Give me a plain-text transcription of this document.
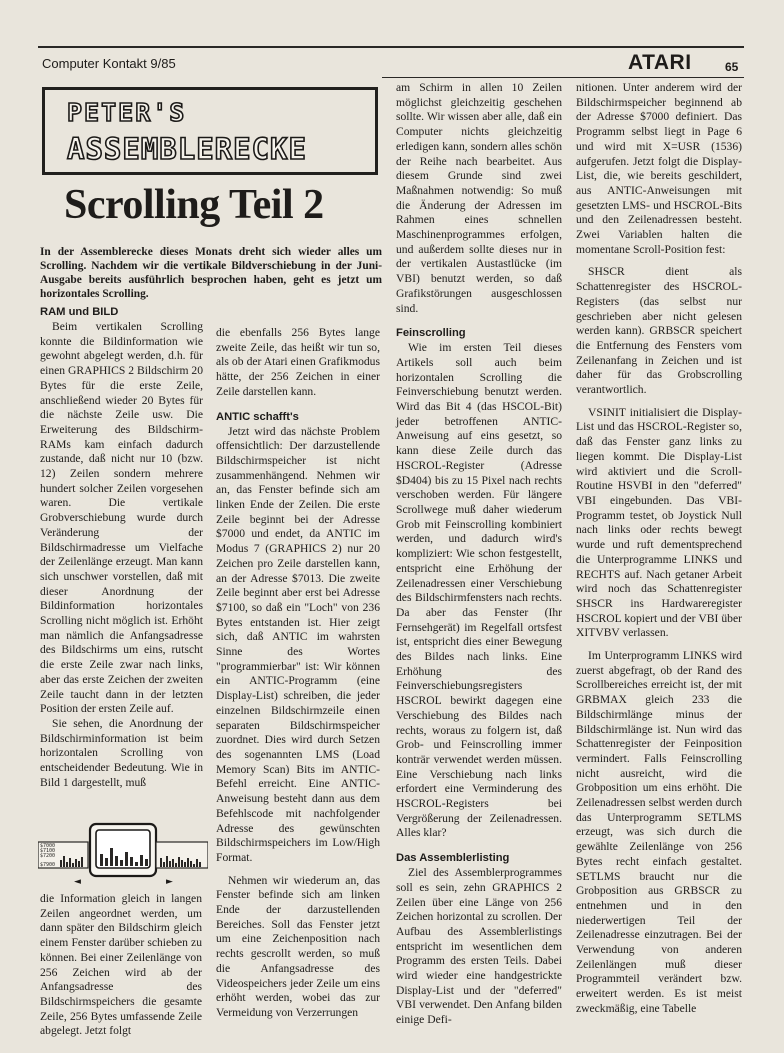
Computer Kontakt 9/85	ATARI	65
PETER'S
ASSEMBLERECKE
Scrolling Teil 2
In der Assemblerecke dieses Monats dreht sich wieder alles um Scrolling. Nachdem wir die vertikale Bildverschiebung in der Juni-Ausgabe bereits ausführlich besprochen haben, geht es jetzt um horizontales Scrolling.
RAM und BILD

Beim vertikalen Scrolling konnte die Bildinformation wie gewohnt abgelegt werden, d.h. für einen GRAPHICS 2 Bildschirm 20 Bytes für die erste Zeile, anschließend wieder 20 Bytes für die nächste Zeile usw. Die Erweiterung des Bildschirm-RAMs kam einfach dadurch zustande, daß nicht nur 10 (bzw. 12) Zeilen sondern mehrere hundert solcher Zeilen vorgesehen waren. Die vertikale Grobverschiebung wurde durch Veränderung der Bildschirmadresse um Vielfache der Zeilenlänge erzeugt. Man kann sich unschwer vorstellen, daß mit dieser Anordnung der Bildinformation horizontales Scrolling nicht möglich ist. Erhöht man nämlich die Anfangsadresse des Bildschirms um eins, rutscht die erste Zeile zwar nach links, aber das erste Zeichen der zweiten Zeile taucht dann in der letzten Position der ersten Zeile auf.

Sie sehen, die Anordnung der Bildschirminformation ist beim horizontalen Scrolling von entscheidender Bedeutung. Wie in Bild 1 dargestellt, muß

die Information gleich in langen Zeilen angeordnet werden, um dann später den Bildschirm gleich einem Fenster darüber schieben zu können. Bei einer Zeilenlänge von 256 Zeichen wird ab der Anfangsadresse des Bildschirmspeichers die gesamte Zeile, 256 Bytes umfassende Zeile abgelegt. Jetzt folgt

die ebenfalls 256 Bytes lange zweite Zeile, das heißt wir tun so, als ob der Atari einen Grafikmodus hätte, der 256 Zeichen in einer Zeile darstellen kann.

ANTIC schafft's

Jetzt wird das nächste Problem offensichtlich: Der darzustellende Bildschirmspeicher ist nicht zusammenhängend. Nehmen wir an, das Fenster befinde sich am linken Ende der Zeilen. Die erste Zeile beginnt bei der Adresse $7000 und endet, da ANTIC im Modus 7 (GRAPHICS 2) nur 20 Zeichen pro Zeile darstellen kann, an der Adresse $7013. Die zweite Zeile beginnt aber erst bei Adresse $7100, so daß ein "Loch" von 236 Bytes entstanden ist. Hier zeigt sich, daß ANTIC im wahrsten Sinne des Wortes "programmierbar" ist: Wir können ein ANTIC-Programm (eine Display-List) schreiben, die jeder einzelnen Bildschirmzeile einen separaten Bildschirmspeicher zuordnet. Dies wird durch Setzen des sogenannten LMS (Load Memory Scan) Bits im ANTIC-Befehl erreicht. Eine ANTIC-Anweisung besteht dann aus dem Befehlscode mit nachfolgender Adresse des gewünschten Bildschirmspeichers im Low/High Format.

Nehmen wir wiederum an, das Fenster befinde sich am linken Ende der darzustellenden Bereiches. Soll das Fenster jetzt um eine Zeichenposition nach rechts gescrollt werden, so muß die Anfangsadresse des Videospeichers jeder Zeile um eins erhöht werden, wobei das zur Vermeidung von Verzerrungen

am Schirm in allen 10 Zeilen möglichst gleichzeitig geschehen sollte. Wir wissen aber alle, daß ein Computer nichts gleichzeitig erledigen kann, sondern alles schön der Reihe nach bearbeitet. Aus diesem Grunde sind zwei Maßnahmen notwendig: So muß die Änderung der Adressen im Rahmen eines schnellen Maschinenprogrammes erfolgen, und außerdem sollte dieses nur in der vertikalen Austastlücke (im VBI) benutzt werden, so daß Grafikstörungen ausgeschlossen sind.

Feinscrolling

Wie im ersten Teil dieses Artikels soll auch beim horizontalen Scrolling die Feinverschiebung benutzt werden. Wird das Bit 4 (das HSCOL-Bit) jeder betroffenen ANTIC-Anweisung auf eins gesetzt, so kann diese Zeile durch das HSCROL-Register (Adresse $D404) bis zu 15 Pixel nach rechts verschoben werden. Für längere Scrollwege muß daher wiederum Grob mit Feinscrolling kombiniert werden, und dadurch wird's kompliziert: Wie schon festgestellt, entspricht eine Erhöhung der Zeilenadressen einer Verschiebung des Bildschirmfensters nach rechts. Da aber das Fenster (Ihr Fernsehgerät) im Regelfall ortsfest ist, entspricht dies einer Bewegung des Bildes nach links. Eine Erhöhung des Feinverschiebungsregisters HSCROL bewirkt dagegen eine Verschiebung des Bildes nach rechts, woraus zu folgern ist, daß Grob- und Feinscrolling immer konträr verwendet werden müssen. Eine Verschiebung nach links erfordert eine Verminderung des HSCROL-Registers bei Vergrößerung der Zeilenadressen. Alles klar?

Das Assemblerlisting

Ziel des Assemblerprogrammes soll es sein, zehn GRAPHICS 2 Zeilen über eine Länge von 256 Zeichen horizontal zu scrollen. Der Aufbau des Assemblerlistings entspricht im wesentlichen dem Programm des ersten Teils. Dabei wird wieder eine handgestrickte Display-List und der "deferred" VBI verwendet. Den Anfang bilden einige Defi-

nitionen. Unter anderem wird der Bildschirmspeicher beginnend ab der Adresse $7000 definiert. Das Programm selbst liegt in Page 6 und wird mit X=USR (1536) aufgerufen. Jetzt folgt die Display-List, die, wie bereits geschildert, aus ANTIC-Anweisungen mit gesetzten LMS- und HSCROL-Bits und den Zeilenadressen besteht. Zwei Variablen halten die momentane Scroll-Position fest:

SHSCR dient als Schattenregister des HSCROL-Registers (das selbst nur geschrieben aber nicht gelesen werden kann). GRBSCR speichert die Entfernung des Fensters vom Zeilenanfang in Zeichen und ist daher für das Grobscrolling verantwortlich.

VSINIT initialisiert die Display-List und das HSCROL-Register so, daß das Fenster ganz links zu liegen kommt. Die Display-List wird aktiviert und die Scroll-Routine HSVBI in den "deferred" VBI eingebunden. Das VBI-Programm testet, ob Joystick Null nach links oder rechts bewegt wurde und ruft dementsprechend die Unterprogramme LINKS und RECHTS auf. Nach getaner Arbeit wird noch das Schattenregister SHSCR ins Hardwareregister HSCROL kopiert und der VBI über XITVBV verlassen.

Im Unterprogramm LINKS wird zuerst abgefragt, ob der Rand des Scrollbereiches erreicht ist, der mit GRBMAX gleich 233 die Bildschirmlänge minus der Bildschirmlänge ist. Nun wird das Schattenregister der Feinposition vermindert. Falls Feinscrolling nicht ausreicht, wird die Grobposition um eins erhöht. Die Zeilenadressen selbst werden durch das Unterprogramm SETLMS erzeugt, was sich durch die gewählte Zeilenlänge von 256 Bytes recht einfach gestaltet. SETLMS braucht nur die Grobposition aus GRBSCR zu entnehmen und in den niederwertigen Teil der Zeilenadresse einzutragen. Bei der Verwendung von anderen Zeilenlängen muß dieser Programmteil verändert bzw. erweitert werden. Es ist meist zweckmäßig, eine Tabelle

$7000
$7100
$7200
$7900
◄	►
